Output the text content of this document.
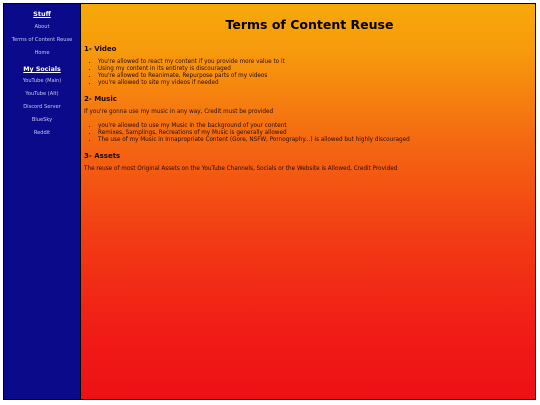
Stuff
About
Terms of Content Reuse
Home
My Socials
YouTube (Main)
YouTube (Alt)
Discord Server
BlueSky
Reddit
Terms of Content Reuse
1- Video
• You're allowed to react my content if you provide more value to it
• Using my content in its entirety is discouraged
• You're allowed to Reanimate, Repurpose parts of my videos
• you're allowed to site my videos if needed
2- Music

If you're gonna use my music in any way, Credit must be provided

• you're allowed to use my Music in the background of your content
• Remixes, Samplings, Recreations of my Music is generally allowed
• The use of my Music in Innapropriate Content (Gore, NSFW, Pornography...) is allowed but highly discouraged
3- Assets

The reuse of most Original Assets on the YouTube Channels, Socials or the Website is Allowed, Credit Provided
